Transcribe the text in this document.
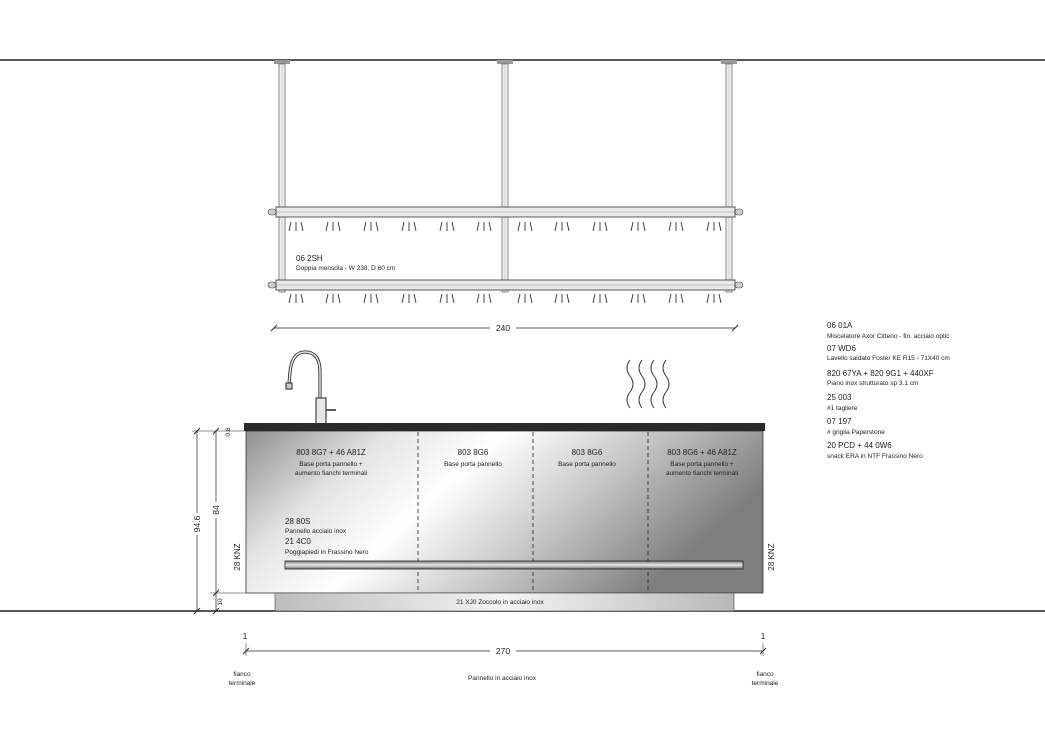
06 2SH
Doppia mensola - W 238, D 60 cm
240
803 8G7 + 46 A81Z
Base porta pannello +
aumento fianchi terminali
803 8G6
Base porta pannello
803 8G6
Base porta pannello
803 8G6 + 46 A81Z
Base porta pannello +
aumento fianchi terminali
28 80S
Pannello acciaio inox
21 4C0
Poggiapiedi in Frassino Nero
21 XJ0 Zoccolo in acciaio inox
28 KNZ	28 KNZ
94.6
84
0.6
10
270
1	1
fianco
terminale
fianco
terminale
Pannello in acciaio inox
06 01A
Miscelatore Axor Citterio - fin. acciaio optic
07 WD6
Lavello saldato Foster KE R15 - 71X40 cm
820 67YA + 820 9G1 + 440XF
Piano inox strutturato sp 3.1 cm
25 003
#1 tagliere
07 197
# griglia Paperstone
20 PCD + 44 0W6
snack ERA in NTF Frassino Nero
